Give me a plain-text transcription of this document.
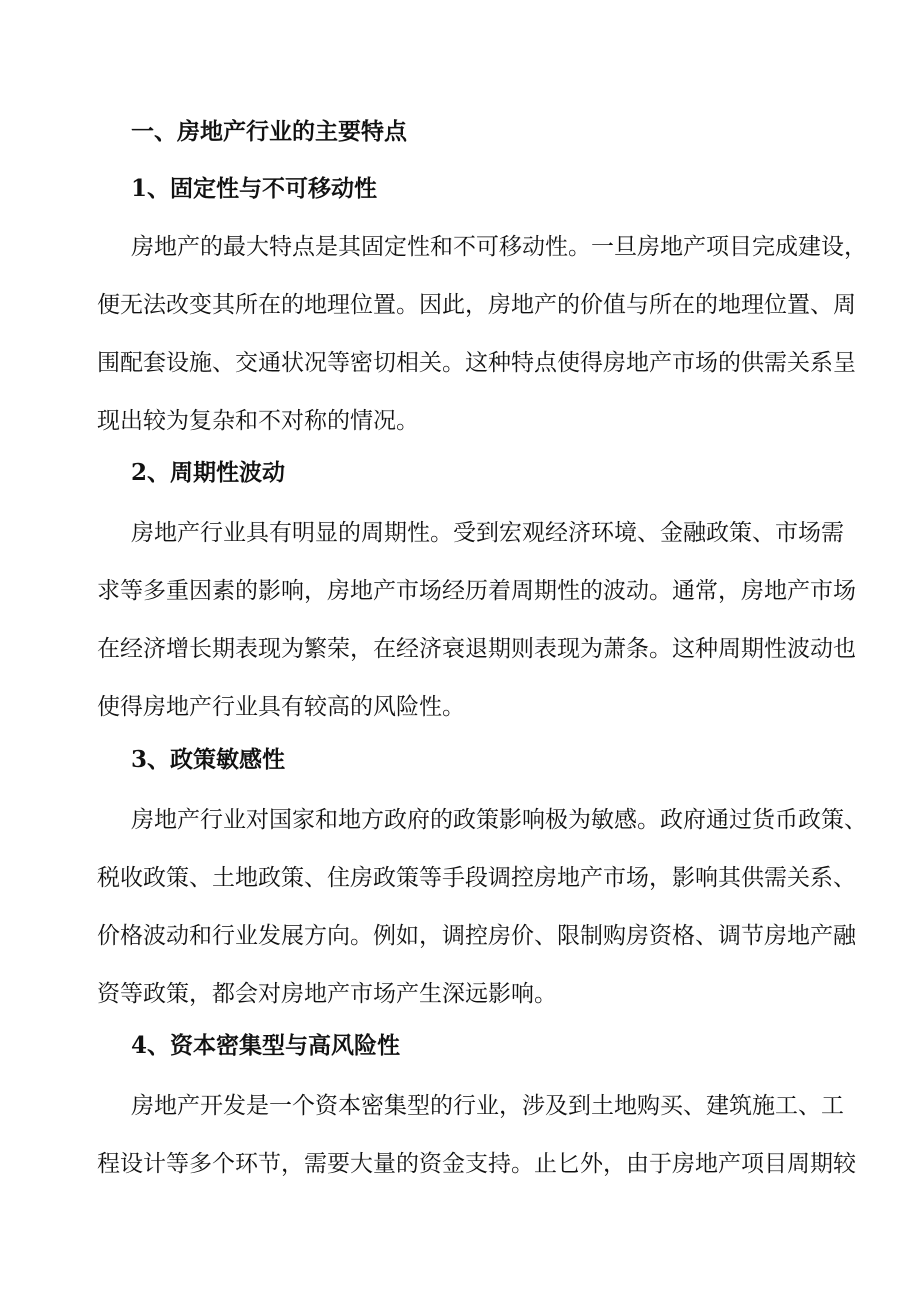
一、房地产行业的主要特点
1、固定性与不可移动性
房地产的最大特点是其固定性和不可移动性。一旦房地产项目完成建设，
便无法改变其所在的地理位置。因此，房地产的价值与所在的地理位置、周
围配套设施、交通状况等密切相关。这种特点使得房地产市场的供需关系呈
现出较为复杂和不对称的情况。
2、周期性波动
房地产行业具有明显的周期性。受到宏观经济环境、金融政策、市场需
求等多重因素的影响，房地产市场经历着周期性的波动。通常，房地产市场
在经济增长期表现为繁荣，在经济衰退期则表现为萧条。这种周期性波动也
使得房地产行业具有较高的风险性。
3、政策敏感性
房地产行业对国家和地方政府的政策影响极为敏感。政府通过货币政策、
税收政策、土地政策、住房政策等手段调控房地产市场，影响其供需关系、
价格波动和行业发展方向。例如，调控房价、限制购房资格、调节房地产融
资等政策，都会对房地产市场产生深远影响。
4、资本密集型与高风险性
房地产开发是一个资本密集型的行业，涉及到土地购买、建筑施工、工
程设计等多个环节，需要大量的资金支持。止匕外，由于房地产项目周期较
